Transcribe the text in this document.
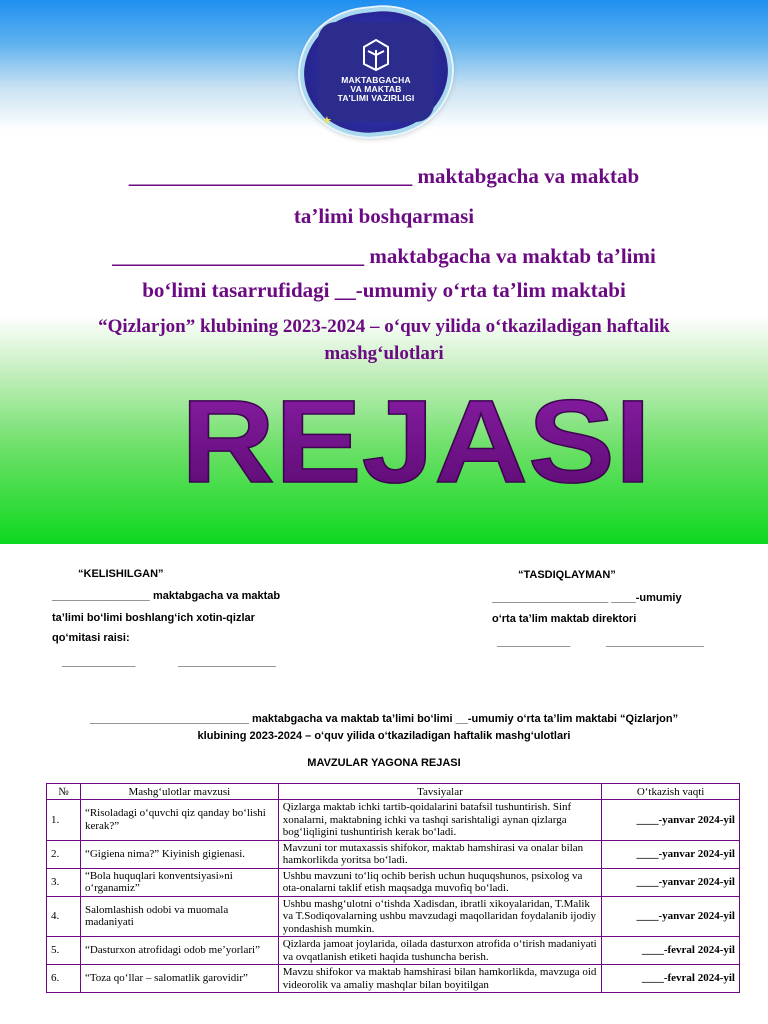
MAKTABGACHA
VA MAKTAB
TA'LIMI VAZIRLIGI
★
___________________________ maktabgacha va maktab
ta’limi boshqarmasi
________________________ maktabgacha va maktab ta’limi
bo‘limi tasarrufidagi __-umumiy o‘rta ta’lim maktabi
“Qizlarjon” klubining 2023-2024 – o‘quv yilida o‘tkaziladigan haftalik
mashg‘ulotlari
REJASI
“KELISHILGAN”
________________ maktabgacha va maktab
ta’limi bo‘limi boshlang‘ich xotin-qizlar
qo‘mitasi raisi:
____________	________________
“TASDIQLAYMAN”
___________________ ____-umumiy
o‘rta ta’lim maktab direktori
____________	________________
__________________________ maktabgacha va maktab ta’limi bo‘limi __-umumiy o‘rta ta’lim maktabi “Qizlarjon”
klubining 2023-2024 – o‘quv yilida o‘tkaziladigan haftalik mashg‘ulotlari
MAVZULAR YAGONA REJASI
№	Mashg‘ulotlar mavzusi	Tavsiyalar	O‘tkazish vaqti
1.	“Risoladagi o‘quvchi qiz qanday bo‘lishi kerak?”	Qizlarga maktab ichki tartib-qoidalarini batafsil tushuntirish. Sinf xonalarni, maktabning ichki va tashqi sarishtaligi aynan qizlarga bog‘liqligini tushuntirish kerak bo‘ladi.	____-yanvar 2024-yil
2.	“Gigiena nima?” Kiyinish gigienasi.	Mavzuni tor mutaxassis shifokor, maktab hamshirasi va onalar bilan hamkorlikda yoritsa bo‘ladi.	____-yanvar 2024-yil
3.	“Bola huquqlari konventsiyasi»ni o‘rganamiz”	Ushbu mavzuni to‘liq ochib berish uchun huquqshunos, psixolog va ota-onalarni taklif etish maqsadga muvofiq bo‘ladi.	____-yanvar 2024-yil
4.	Salomlashish odobi va muomala madaniyati	Ushbu mashg‘ulotni o‘tishda Xadisdan, ibratli xikoyalaridan, T.Malik va T.Sodiqovalarning ushbu mavzudagi maqollaridan foydalanib ijodiy yondashish mumkin.	____-yanvar 2024-yil
5.	“Dasturxon atrofidagi odob me’yorlari”	Qizlarda jamoat joylarida, oilada dasturxon atrofida o‘tirish madaniyati va ovqatlanish etiketi haqida tushuncha berish.	____-fevral 2024-yil
6.	“Toza qo‘llar – salomatlik garovidir”	Mavzu shifokor va maktab hamshirasi bilan hamkorlikda, mavzuga oid videorolik va amaliy mashqlar bilan boyitilgan	____-fevral 2024-yil
